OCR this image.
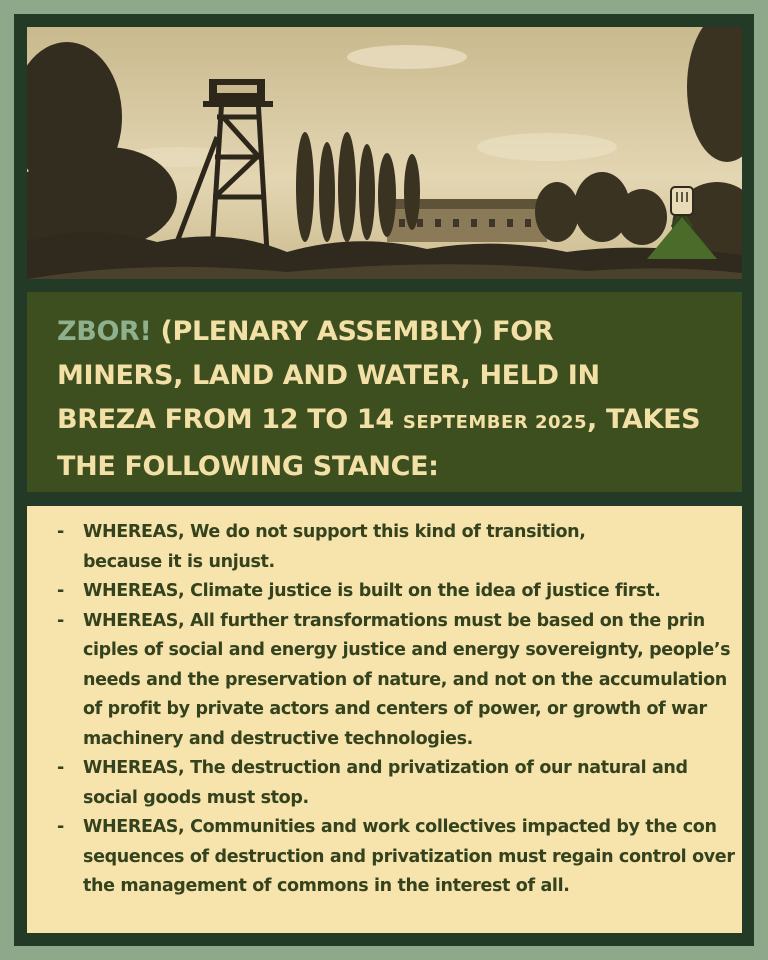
ZBOR! (PLENARY ASSEMBLY) FOR
MINERS, LAND AND WATER, HELD IN
BREZA FROM 12 TO 14 SEPTEMBER 2025, TAKES
THE FOLLOWING STANCE:
- WHEREAS, We do not support this kind of transition,
because it is unjust.
- WHEREAS, Climate justice is built on the idea of justice first.
- WHEREAS, All further transformations must be based on the prin
ciples of social and energy justice and energy sovereignty, people’s
needs and the preservation of nature, and not on the accumulation
of profit by private actors and centers of power, or growth of war
machinery and destructive technologies.
- WHEREAS, The destruction and privatization of our natural and
social goods must stop.
- WHEREAS, Communities and work collectives impacted by the con
sequences of destruction and privatization must regain control over
the management of commons in the interest of all.
